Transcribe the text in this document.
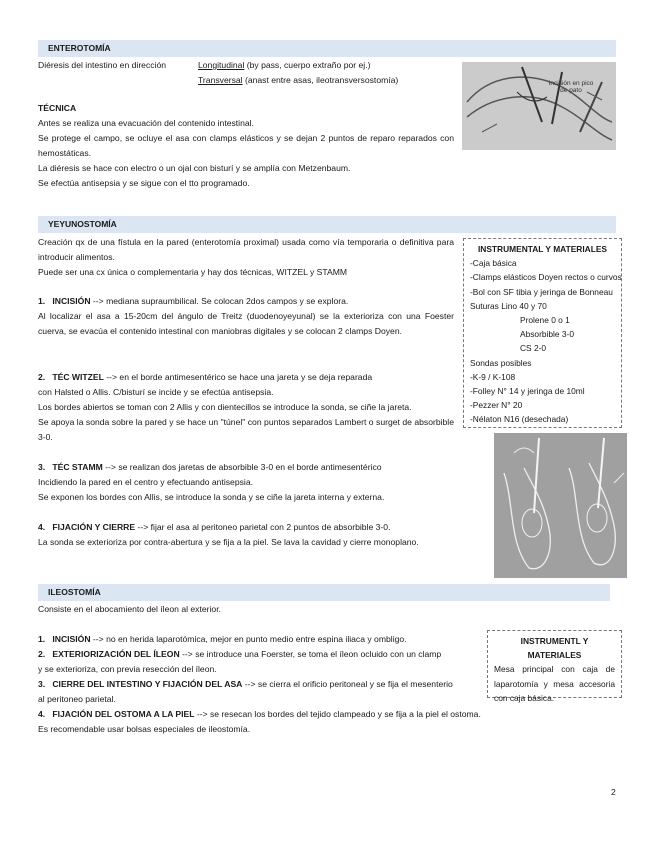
ENTEROTOMÍA
Diéresis del intestino en dirección	Longitudinal (by pass, cuerpo extraño por ej.)
Transversal (anast entre asas, ileotransversostomía)	Incisión en pico de pato
TÉCNICA
Antes se realiza una evacuación del contenido intestinal.
Se protege el campo, se ocluye el asa con clamps elásticos y se dejan 2 puntos de reparo reparados con hemostáticas.
La diéresis se hace con electro o un ojal con bisturí y se amplía con Metzenbaum.
Se efectúa antisepsia y se sigue con el tto programado.
YEYUNOSTOMÍA
Creación qx de una fístula en la pared (enterotomía proximal) usada como vía temporaria o definitiva para introducir alimentos.
Puede ser una cx única o complementaria y hay dos técnicas, WITZEL y STAMM
1. INCISIÓN --> mediana supraumbilical. Se colocan 2dos campos y se explora.
Al localizar el asa a 15-20cm del ángulo de Treitz (duodenoyeyunal) se la exterioriza con una Foester cuerva, se evacúa el contenido intestinal con maniobras digitales y se colocan 2 clamps Doyen.
2. TÉC WITZEL --> en el borde antimesentérico se hace una jareta y se deja reparada
con Halsted o Allis. C/bisturí se incide y se efectúa antisepsia.
Los bordes abiertos se toman con 2 Allis y con dientecillos se introduce la sonda, se ciñe la jareta.
Se apoya la sonda sobre la pared y se hace un "túnel" con puntos separados Lambert o surget de absorbible 3-0.
3. TÉC STAMM --> se realizan dos jaretas de absorbible 3-0 en el borde antimesentérico
Incidiendo la pared en el centro y efectuando antisepsia.
Se exponen los bordes con Allis, se introduce la sonda y se ciñe la jareta interna y externa.
4. FIJACIÓN Y CIERRE --> fijar el asa al peritoneo parietal con 2 puntos de absorbible 3-0.
La sonda se exterioriza por contra-abertura y se fija a la piel. Se lava la cavidad y cierre monoplano.
INSTRUMENTAL Y MATERIALES
-Caja básica
-Clamps elásticos Doyen rectos o curvos
-Bol con SF tibia y jeringa de Bonneau
Suturas Lino 40 y 70
Prolene 0 o 1
Absorbible 3-0
CS 2-0
Sondas posibles
-K-9 / K-108
-Folley N° 14 y jeringa de 10ml
-Pezzer N° 20
-Nélaton N16 (desechada)
ILEOSTOMÍA
Consiste en el abocamiento del íleon al exterior.
1. INCISIÓN --> no en herida laparotómica, mejor en punto medio entre espina iliaca y ombligo.
2. EXTERIORIZACIÓN DEL ÍLEON --> se introduce una Foerster, se toma el íleon ocluido con un clamp
y se exterioriza, con previa resección del íleon.
3. CIERRE DEL INTESTINO Y FIJACIÓN DEL ASA --> se cierra el orificio peritoneal y se fija el mesenterio
al peritoneo parietal.
4. FIJACIÓN DEL OSTOMA A LA PIEL --> se resecan los bordes del tejido clampeado y se fija a la piel el ostoma.
Es recomendable usar bolsas especiales de ileostomía.
INSTRUMENTL Y MATERIALES
Mesa principal con caja de laparotomía y mesa accesoria con caja básica.
2
